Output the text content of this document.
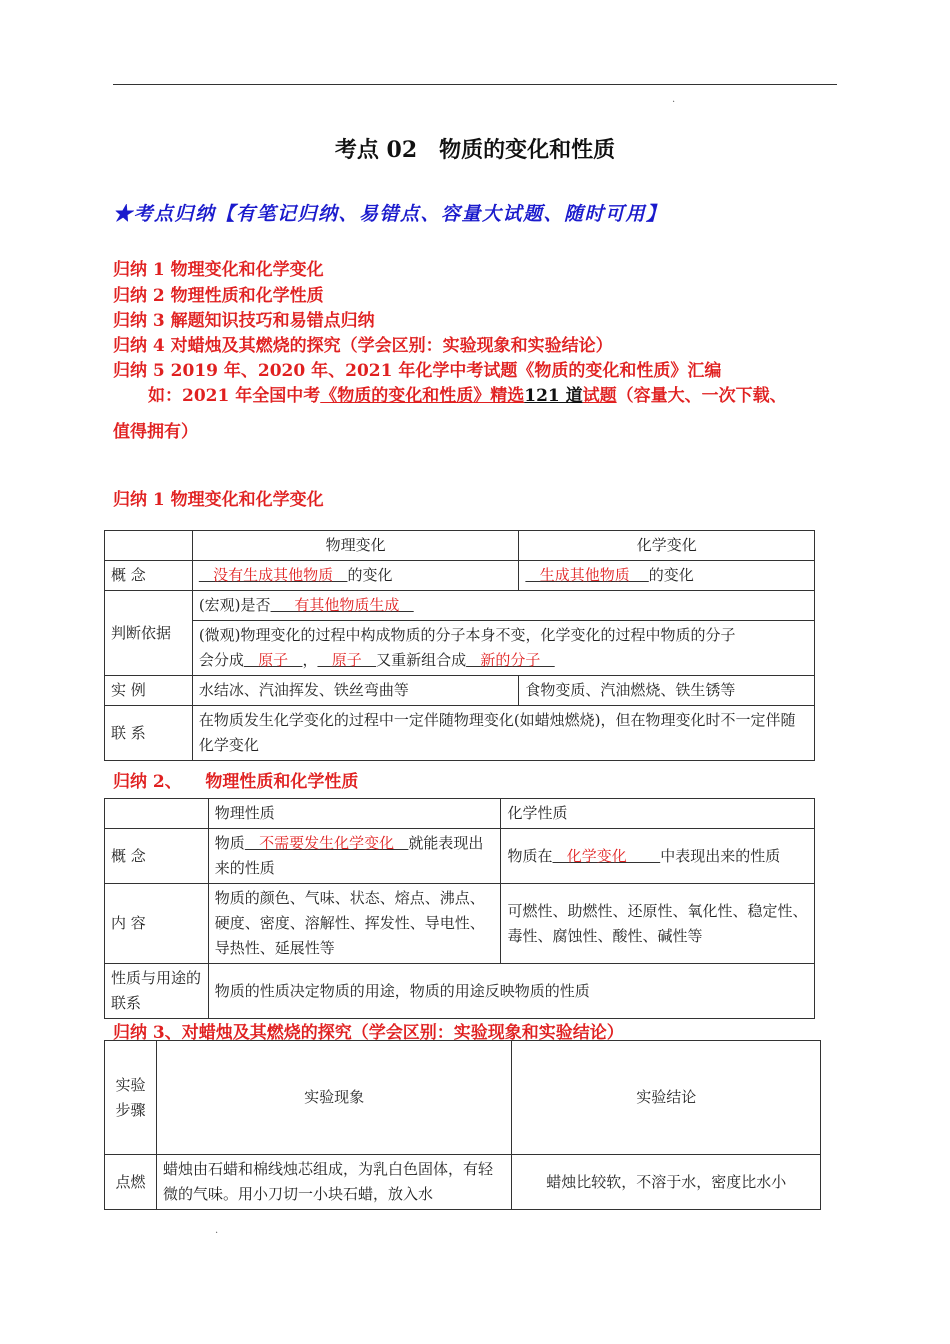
.
考点 02　物质的变化和性质
★考点归纳【有笔记归纳、易错点、容量大试题、随时可用】
归纳 1 物理变化和化学变化
归纳 2 物理性质和化学性质
归纳 3 解题知识技巧和易错点归纳
归纳 4 对蜡烛及其燃烧的探究（学会区别：实验现象和实验结论）
归纳 5 2019 年、2020 年、2021 年化学中考试题《物质的变化和性质》汇编
如：2021 年全国中考《物质的变化和性质》精选121 道试题（容量大、一次下载、
值得拥有）
归纳 1 物理变化和化学变化
	物理变化	化学变化
概 念	没有生成其他物质   的变化	生成其他物质    的变化
判断依据	(宏观)是否     有其他物质生成	

	(微观)物理变化的过程中构成物质的分子本身不变，化学变化的过程中物质的分子
会分成   原子   ，   原子   又重新组合成   新的分子	

实 例	水结冰、汽油挥发、铁丝弯曲等	食物变质、汽油燃烧、铁生锈等
联 系	在物质发生化学变化的过程中一定伴随物理变化(如蜡烛燃烧)，但在物理变化时不一定伴随化学变化	
归纳 2、    物理性质和化学性质
	物理性质	化学性质
概 念	物质   不需要发生化学变化   就能表现出来的性质	物质在   化学变化       中表现出来的性质
内 容	物质的颜色、气味、状态、熔点、沸点、硬度、密度、溶解性、挥发性、导电性、导热性、延展性等	可燃性、助燃性、还原性、氧化性、稳定性、毒性、腐蚀性、酸性、碱性等
性质与用途的联系	物质的性质决定物质的用途，物质的用途反映物质的性质	
归纳 3、对蜡烛及其燃烧的探究（学会区别：实验现象和实验结论）
实验步骤	实验现象	实验结论
点燃	蜡烛由石蜡和棉线烛芯组成，为乳白色固体，有轻微的气味。用小刀切一小块石蜡，放入水	蜡烛比较软，不溶于水，密度比水小
.
